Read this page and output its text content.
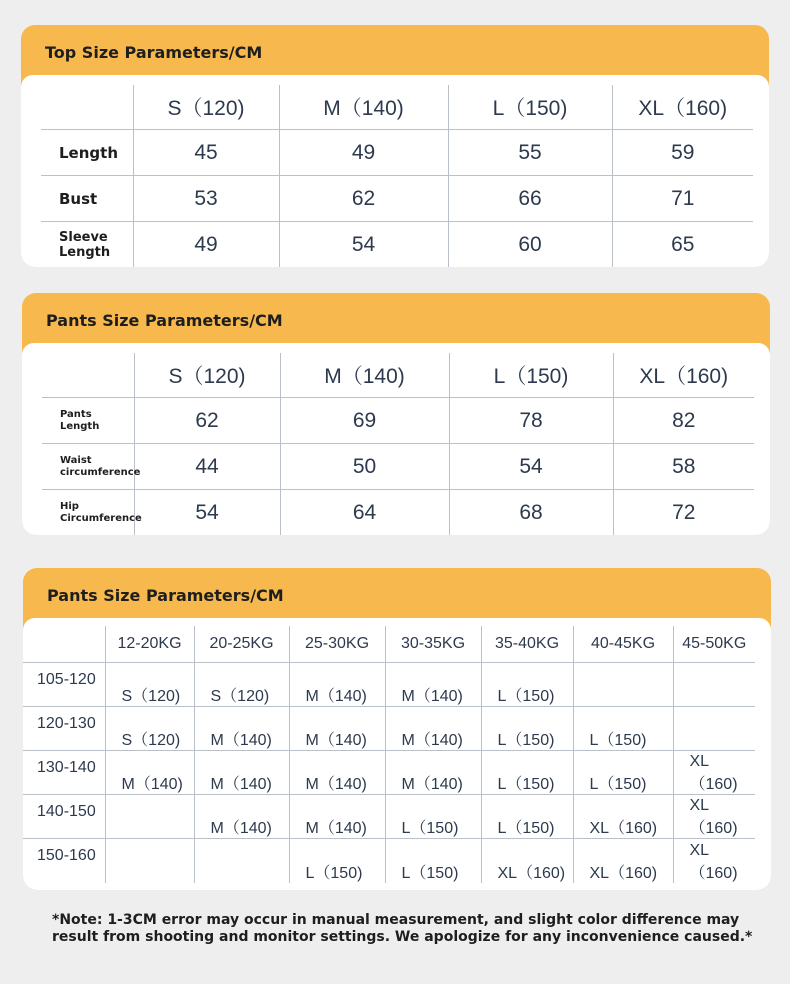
Top Size Parameters/CM
	S（120)	M（140)	L（150)	XL（160)
Length	45	49	55	59
Bust	53	62	66	71
Sleeve Length	49	54	60	65
Pants Size Parameters/CM
	S（120)	M（140)	L（150)	XL（160)
Pants Length	62	69	78	82
Waist circumference	44	50	54	58
Hip Circumference	54	64	68	72
Pants Size Parameters/CM
	12-20KG	20-25KG	25-30KG	30-35KG	35-40KG	40-45KG	45-50KG
105-120	S（120)	S（120)	M（140)	M（140)	L（150)		
120-130	S（120)	M（140)	M（140)	M（140)	L（150)	L（150)	
130-140	M（140)	M（140)	M（140)	M（140)	L（150)	L（150)	XL（160)
140-150		M（140)	M（140)	L（150)	L（150)	XL（160)	XL（160)
150-160			L（150)	L（150)	XL（160)	XL（160)	XL（160)
*Note: 1-3CM error may occur in manual measurement, and slight color difference may result from shooting and monitor settings. We apologize for any inconvenience caused.*
